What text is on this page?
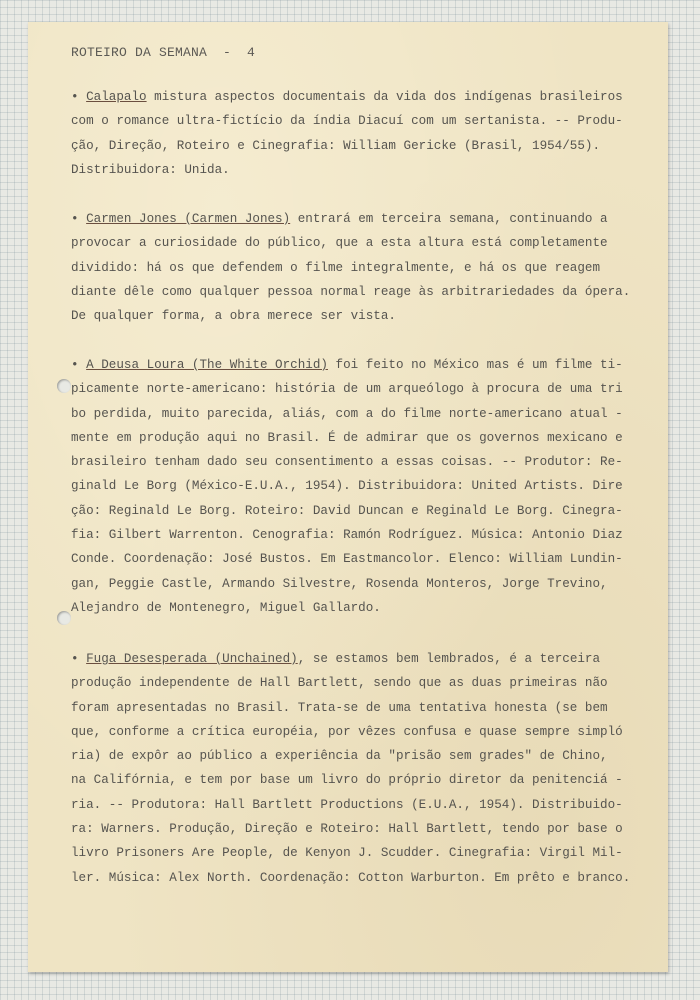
ROTEIRO DA SEMANA  -  4
• Calapalo mistura aspectos documentais da vida dos indígenas brasileiros
com o romance ultra-fictício da índia Diacuí com um sertanista. -- Produ-
ção, Direção, Roteiro e Cinegrafia: William Gericke (Brasil, 1954/55).
Distribuidora: Unida.
• Carmen Jones (Carmen Jones) entrará em terceira semana, continuando a
provocar a curiosidade do público, que a esta altura está completamente
dividido: há os que defendem o filme integralmente, e há os que reagem
diante dêle como qualquer pessoa normal reage às arbitrariedades da ópera.
De qualquer forma, a obra merece ser vista.
• A Deusa Loura (The White Orchid) foi feito no México mas é um filme ti-
picamente norte-americano: história de um arqueólogo à procura de uma tri
bo perdida, muito parecida, aliás, com a do filme norte-americano atual -
mente em produção aqui no Brasil. É de admirar que os governos mexicano e
brasileiro tenham dado seu consentimento a essas coisas. -- Produtor: Re-
ginald Le Borg (México-E.U.A., 1954). Distribuidora: United Artists. Dire
ção: Reginald Le Borg. Roteiro: David Duncan e Reginald Le Borg. Cinegra-
fia: Gilbert Warrenton. Cenografia: Ramón Rodríguez. Música: Antonio Diaz
Conde. Coordenação: José Bustos. Em Eastmancolor. Elenco: William Lundin-
gan, Peggie Castle, Armando Silvestre, Rosenda Monteros, Jorge Trevino,
Alejandro de Montenegro, Miguel Gallardo.
• Fuga Desesperada (Unchained), se estamos bem lembrados, é a terceira
produção independente de Hall Bartlett, sendo que as duas primeiras não
foram apresentadas no Brasil. Trata-se de uma tentativa honesta (se bem
que, conforme a crítica européia, por vêzes confusa e quase sempre simpló
ria) de expôr ao público a experiência da "prisão sem grades" de Chino,
na Califórnia, e tem por base um livro do próprio diretor da penitenciá -
ria. -- Produtora: Hall Bartlett Productions (E.U.A., 1954). Distribuido-
ra: Warners. Produção, Direção e Roteiro: Hall Bartlett, tendo por base o
livro Prisoners Are People, de Kenyon J. Scudder. Cinegrafia: Virgil Mil-
ler. Música: Alex North. Coordenação: Cotton Warburton. Em prêto e branco.
